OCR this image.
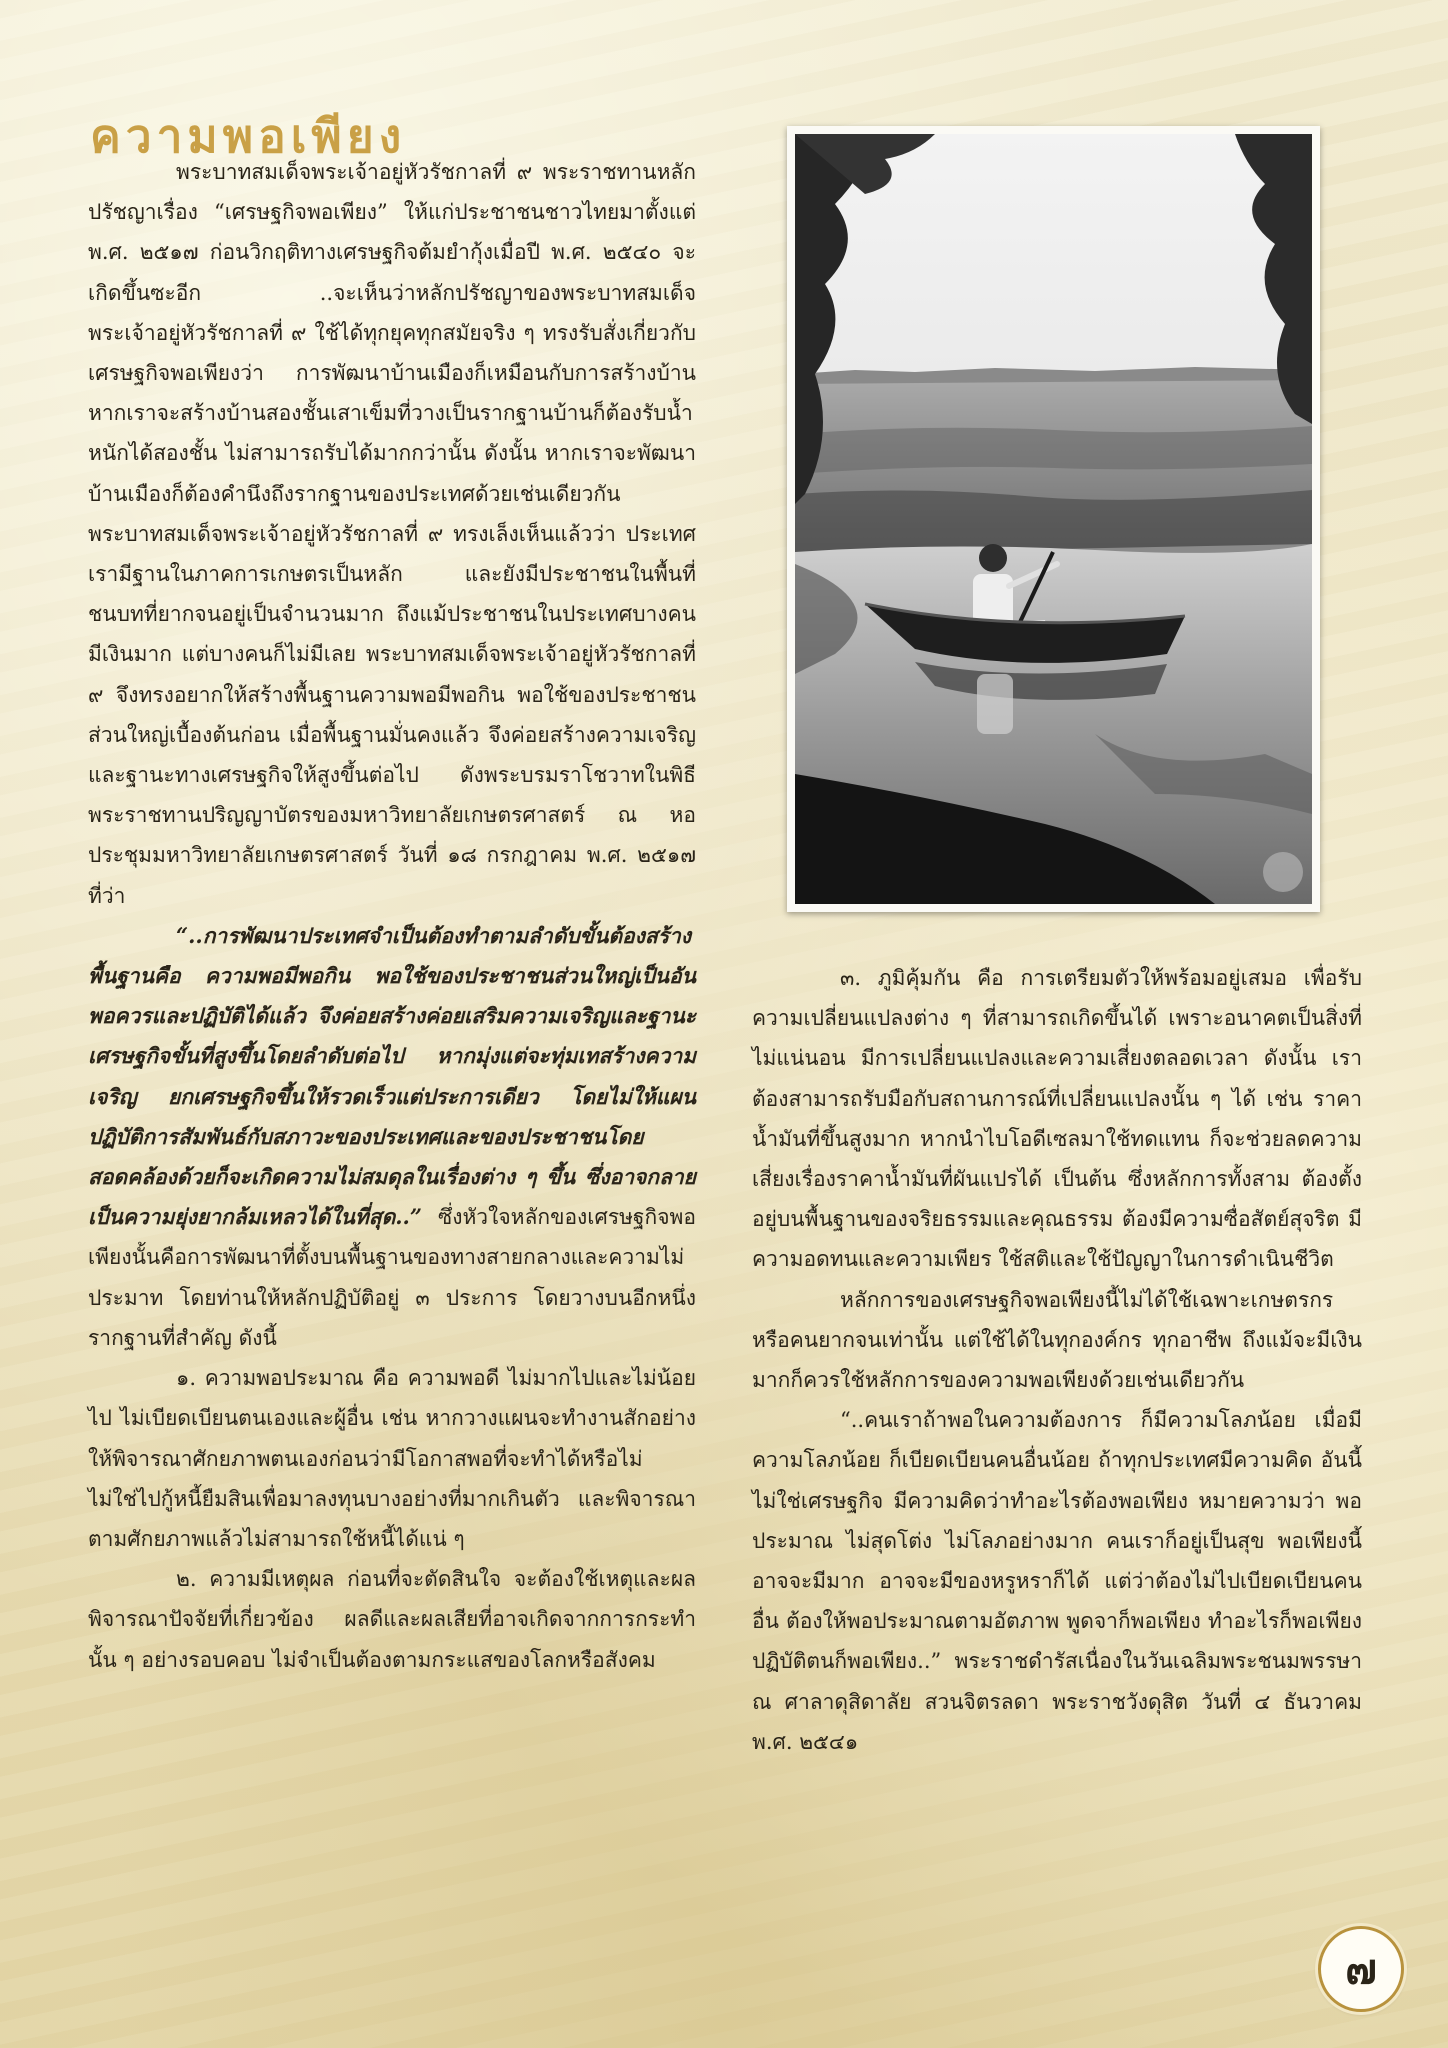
ความพอเพียง

พระบาทสมเด็จพระเจ้าอยู่หัวรัชกาลที่ ๙ พระราชทานหลักปรัชญาเรื่อง “เศรษฐกิจพอเพียง” ให้แก่ประชาชนชาวไทยมาตั้งแต่ พ.ศ. ๒๕๑๗ ก่อนวิกฤติทางเศรษฐกิจต้มยำกุ้งเมื่อปี พ.ศ. ๒๕๔๐ จะเกิดขึ้นซะอีก ..จะเห็นว่าหลักปรัชญาของพระบาทสมเด็จพระเจ้าอยู่หัวรัชกาลที่ ๙ ใช้ได้ทุกยุคทุกสมัยจริง ๆ ทรงรับสั่งเกี่ยวกับเศรษฐกิจพอเพียงว่า การพัฒนาบ้านเมืองก็เหมือนกับการสร้างบ้าน หากเราจะสร้างบ้านสองชั้นเสาเข็มที่วางเป็นรากฐานบ้านก็ต้องรับน้ำหนักได้สองชั้น ไม่สามารถรับได้มากกว่านั้น ดังนั้น หากเราจะพัฒนาบ้านเมืองก็ต้องคำนึงถึงรากฐานของประเทศด้วยเช่นเดียวกัน พระบาทสมเด็จพระเจ้าอยู่หัวรัชกาลที่ ๙ ทรงเล็งเห็นแล้วว่า ประเทศเรามีฐานในภาคการเกษตรเป็นหลัก และยังมีประชาชนในพื้นที่ชนบทที่ยากจนอยู่เป็นจำนวนมาก ถึงแม้ประชาชนในประเทศบางคนมีเงินมาก แต่บางคนก็ไม่มีเลย พระบาทสมเด็จพระเจ้าอยู่หัวรัชกาลที่ ๙ จึงทรงอยากให้สร้างพื้นฐานความพอมีพอกิน พอใช้ของประชาชนส่วนใหญ่เบื้องต้นก่อน เมื่อพื้นฐานมั่นคงแล้ว จึงค่อยสร้างความเจริญและฐานะทางเศรษฐกิจให้สูงขึ้นต่อไป ดังพระบรมราโชวาทในพิธีพระราชทานปริญญาบัตรของมหาวิทยาลัยเกษตรศาสตร์ ณ หอประชุมมหาวิทยาลัยเกษตรศาสตร์ วันที่ ๑๘ กรกฎาคม พ.ศ. ๒๕๑๗ ที่ว่า

“..การพัฒนาประเทศจำเป็นต้องทำตามลำดับขั้นต้องสร้างพื้นฐานคือ ความพอมีพอกิน พอใช้ของประชาชนส่วนใหญ่เป็นอันพอควรและปฏิบัติได้แล้ว จึงค่อยสร้างค่อยเสริมความเจริญและฐานะเศรษฐกิจขั้นที่สูงขึ้นโดยลำดับต่อไป หากมุ่งแต่จะทุ่มเทสร้างความเจริญ ยกเศรษฐกิจขึ้นให้รวดเร็วแต่ประการเดียว โดยไม่ให้แผนปฏิบัติการสัมพันธ์กับสภาวะของประเทศและของประชาชนโดยสอดคล้องด้วยก็จะเกิดความไม่สมดุลในเรื่องต่าง ๆ ขึ้น ซึ่งอาจกลายเป็นความยุ่งยากล้มเหลวได้ในที่สุด..” ซึ่งหัวใจหลักของเศรษฐกิจพอเพียงนั้นคือการพัฒนาที่ตั้งบนพื้นฐานของทางสายกลางและความไม่ประมาท โดยท่านให้หลักปฏิบัติอยู่ ๓ ประการ โดยวางบนอีกหนึ่งรากฐานที่สำคัญ ดังนี้

๑. ความพอประมาณ คือ ความพอดี ไม่มากไปและไม่น้อยไป ไม่เบียดเบียนตนเองและผู้อื่น เช่น หากวางแผนจะทำงานสักอย่าง ให้พิจารณาศักยภาพตนเองก่อนว่ามีโอกาสพอที่จะทำได้หรือไม่ ไม่ใช่ไปกู้หนี้ยืมสินเพื่อมาลงทุนบางอย่างที่มากเกินตัว และพิจารณาตามศักยภาพแล้วไม่สามารถใช้หนี้ได้แน่ ๆ

๒. ความมีเหตุผล ก่อนที่จะตัดสินใจ จะต้องใช้เหตุและผล พิจารณาปัจจัยที่เกี่ยวข้อง ผลดีและผลเสียที่อาจเกิดจากการกระทำนั้น ๆ อย่างรอบคอบ ไม่จำเป็นต้องตามกระแสของโลกหรือสังคม

๓. ภูมิคุ้มกัน คือ การเตรียมตัวให้พร้อมอยู่เสมอ เพื่อรับความเปลี่ยนแปลงต่าง ๆ ที่สามารถเกิดขึ้นได้ เพราะอนาคตเป็นสิ่งที่ไม่แน่นอน มีการเปลี่ยนแปลงและความเสี่ยงตลอดเวลา ดังนั้น เราต้องสามารถรับมือกับสถานการณ์ที่เปลี่ยนแปลงนั้น ๆ ได้ เช่น ราคาน้ำมันที่ขึ้นสูงมาก หากนำไบโอดีเซลมาใช้ทดแทน ก็จะช่วยลดความเสี่ยงเรื่องราคาน้ำมันที่ผันแปรได้ เป็นต้น ซึ่งหลักการทั้งสาม ต้องตั้งอยู่บนพื้นฐานของจริยธรรมและคุณธรรม ต้องมีความซื่อสัตย์สุจริต มีความอดทนและความเพียร ใช้สติและใช้ปัญญาในการดำเนินชีวิต

หลักการของเศรษฐกิจพอเพียงนี้ไม่ได้ใช้เฉพาะเกษตรกรหรือคนยากจนเท่านั้น แต่ใช้ได้ในทุกองค์กร ทุกอาชีพ ถึงแม้จะมีเงินมากก็ควรใช้หลักการของความพอเพียงด้วยเช่นเดียวกัน

“..คนเราถ้าพอในความต้องการ ก็มีความโลภน้อย เมื่อมีความโลภน้อย ก็เบียดเบียนคนอื่นน้อย ถ้าทุกประเทศมีความคิด อันนี้ไม่ใช่เศรษฐกิจ มีความคิดว่าทำอะไรต้องพอเพียง หมายความว่า พอประมาณ ไม่สุดโต่ง ไม่โลภอย่างมาก คนเราก็อยู่เป็นสุข พอเพียงนี้อาจจะมีมาก อาจจะมีของหรูหราก็ได้ แต่ว่าต้องไม่ไปเบียดเบียนคนอื่น ต้องให้พอประมาณตามอัตภาพ พูดจาก็พอเพียง ทำอะไรก็พอเพียง ปฏิบัติตนก็พอเพียง..” พระราชดำรัสเนื่องในวันเฉลิมพระชนมพรรษา ณ ศาลาดุสิดาลัย สวนจิตรลดา พระราชวังดุสิต วันที่ ๔ ธันวาคม พ.ศ. ๒๕๔๑

๗
